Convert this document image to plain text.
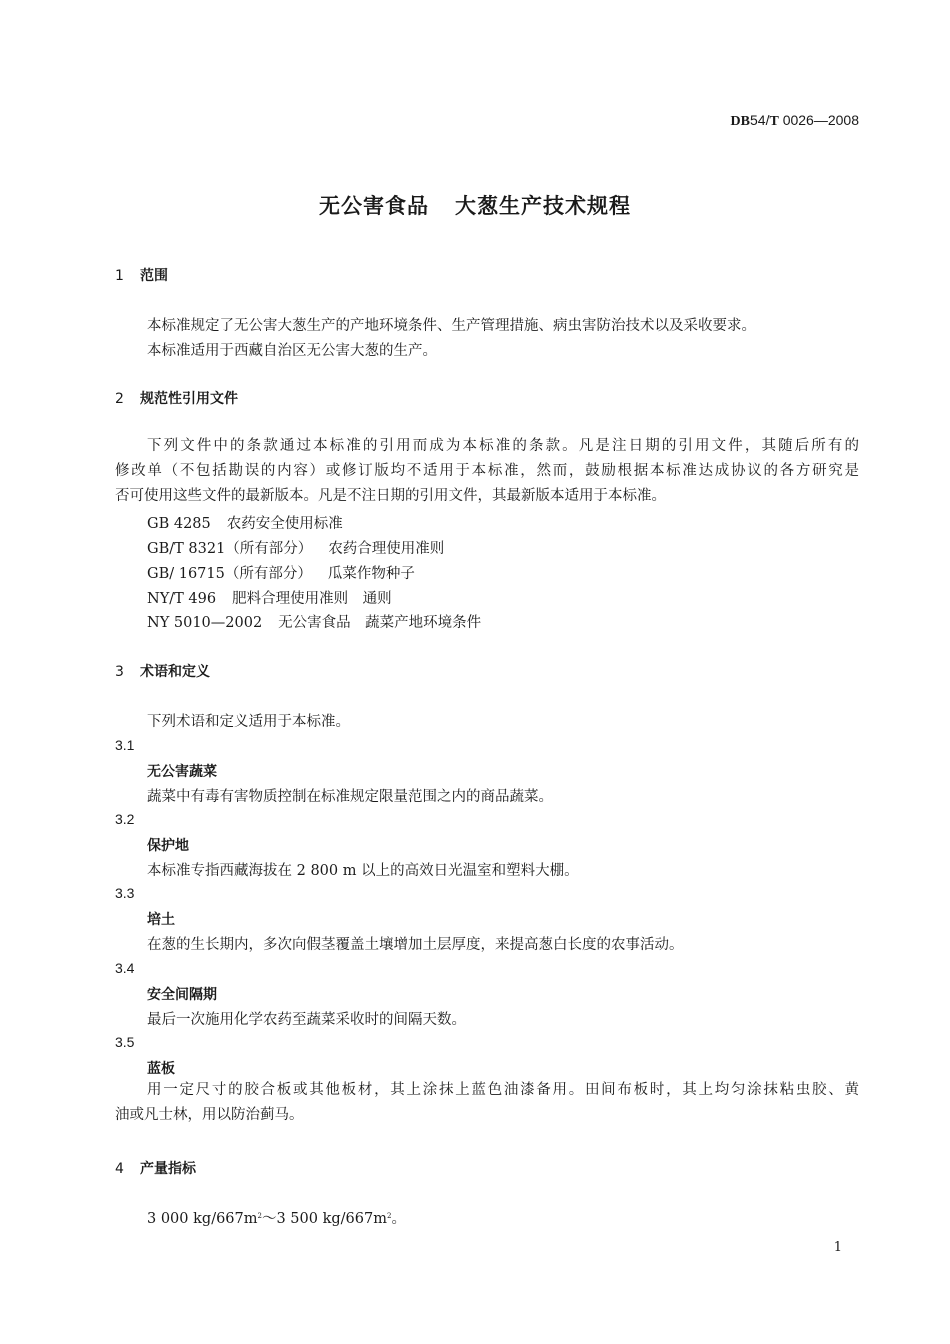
DB54/T 0026—2008
无公害食品 大葱生产技术规程
1 范围
本标准规定了无公害大葱生产的产地环境条件、生产管理措施、病虫害防治技术以及采收要求。
本标准适用于西藏自治区无公害大葱的生产。
2 规范性引用文件
下列文件中的条款通过本标准的引用而成为本标准的条款。凡是注日期的引用文件，其随后所有的
修改单（不包括勘误的内容）或修订版均不适用于本标准，然而，鼓励根据本标准达成协议的各方研究是
否可使用这些文件的最新版本。凡是不注日期的引用文件，其最新版本适用于本标准。
GB 4285 农药安全使用标准
GB/T 8321（所有部分） 农药合理使用准则
GB/ 16715（所有部分） 瓜菜作物种子
NY/T 496 肥料合理使用准则　通则
NY 5010—2002 无公害食品　蔬菜产地环境条件
3 术语和定义
下列术语和定义适用于本标准。
3.1
无公害蔬菜
蔬菜中有毒有害物质控制在标准规定限量范围之内的商品蔬菜。
3.2
保护地
本标准专指西藏海拔在 2 800 m 以上的高效日光温室和塑料大棚。
3.3
培土
在葱的生长期内，多次向假茎覆盖土壤增加土层厚度，来提高葱白长度的农事活动。
3.4
安全间隔期
最后一次施用化学农药至蔬菜采收时的间隔天数。
3.5
蓝板
用一定尺寸的胶合板或其他板材，其上涂抹上蓝色油漆备用。田间布板时，其上均匀涂抹粘虫胶、黄
油或凡士林，用以防治蓟马。
4 产量指标
3 000 $kg/667m^2\sim 3$ 500 $kg/667m^2$。
1
